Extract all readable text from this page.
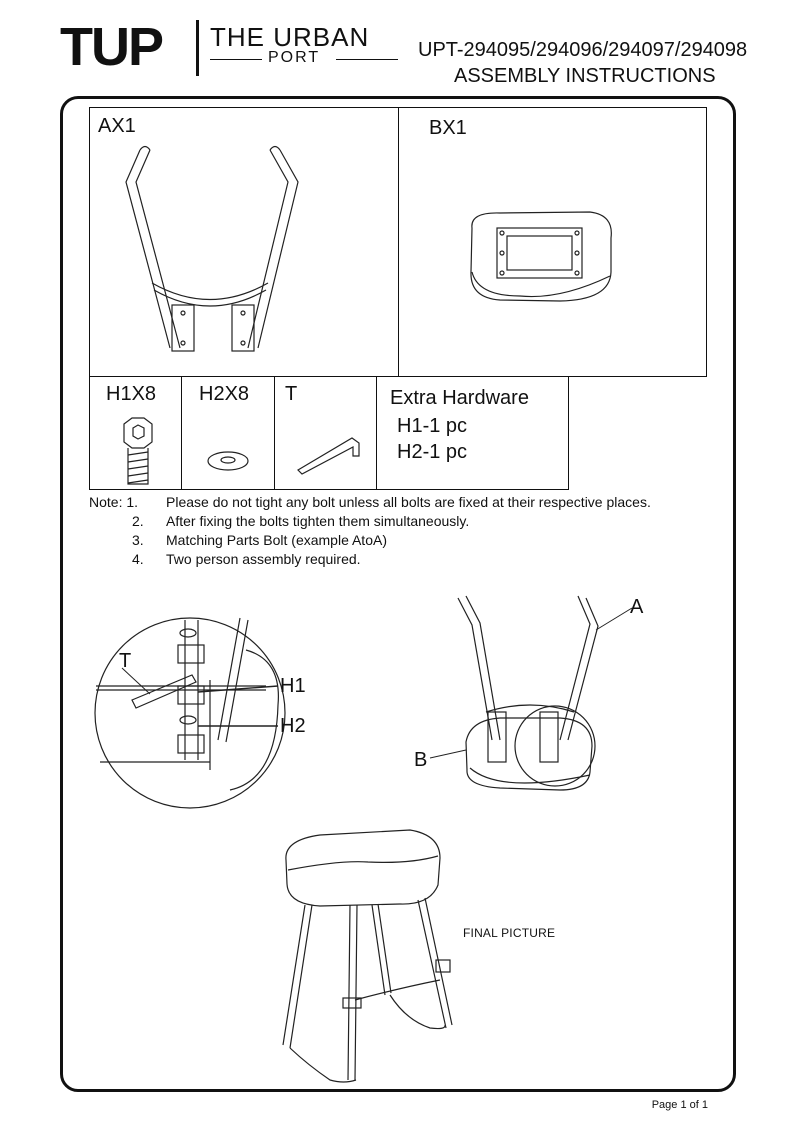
TUP THE URBAN
PORT	UPT-294095/294096/294097/294098
ASSEMBLY INSTRUCTIONS
AX1	BX1
H1X8 H2X8 T	Extra Hardware
H1-1 pc
H2-1 pc
Note: 1. Please do not tight any bolt unless all bolts are fixed at their respective places.
2. After fixing the bolts tighten them simultaneously.
3. Matching Parts Bolt (example AtoA)
4. Two person assembly required.
T
H1
H2
A
B
FINAL PICTURE
Page 1 of 1
